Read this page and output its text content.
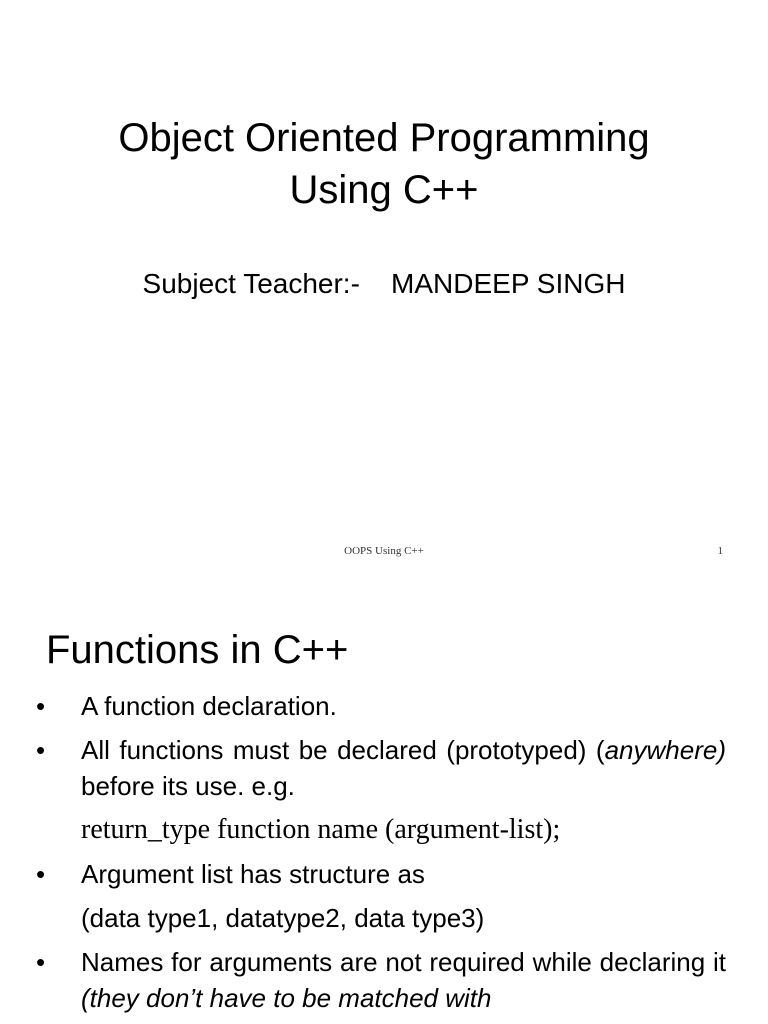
Object Oriented Programming
Using C++
Subject Teacher:- MANDEEP SINGH
OOPS Using C++	1
Functions in C++
•	A function declaration.
•	All functions must be declared (prototyped) (anywhere) before its use. e.g.
return_type function name (argument-list);
•	Argument list has structure as
(data type1, datatype2, data type3)
•	Names for arguments are not required while declaring it (they don’t have to be matched with
